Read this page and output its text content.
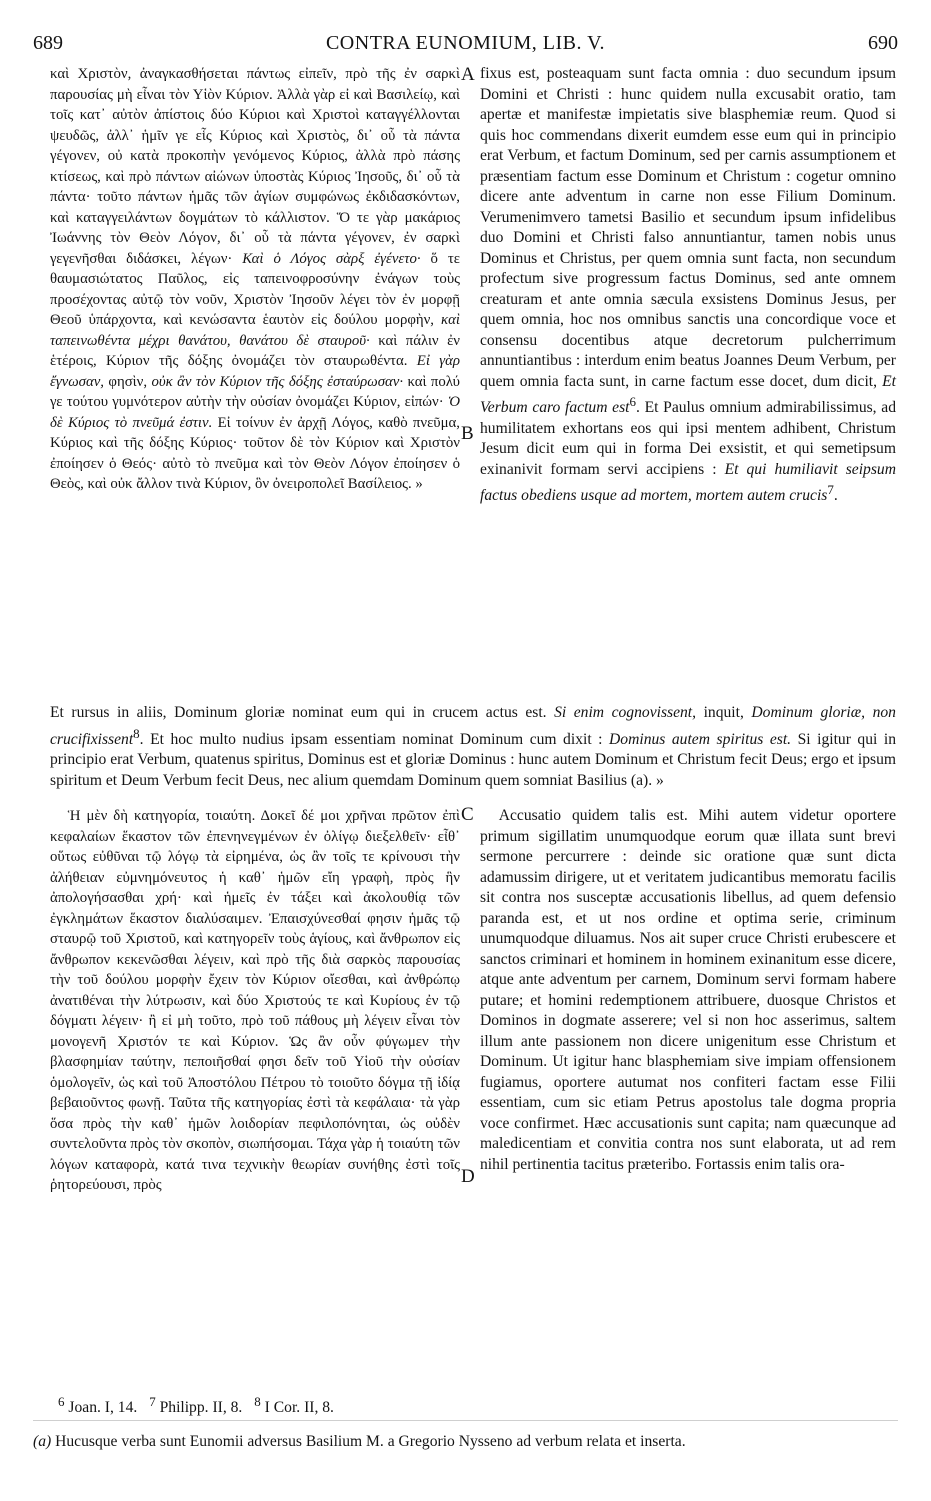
689	CONTRA EUNOMIUM, LIB. V.	690
A
B
C
D

καὶ Χριστὸν, ἀναγκασθήσεται πάντως εἰπεῖν, πρὸ τῆς ἐν σαρκὶ παρουσίας μὴ εἶναι τὸν Υἱὸν Κύριον. Ἀλλὰ γὰρ εἰ καὶ Βασιλείῳ, καὶ τοῖς κατ᾽ αὐτὸν ἀπίστοις δύο Κύριοι καὶ Χριστοὶ καταγγέλλονται ψευδῶς, ἀλλ᾽ ἡμῖν γε εἷς Κύριος καὶ Χριστὸς, δι᾽ οὗ τὰ πάντα γέγονεν, οὐ κατὰ προκοπὴν γενόμενος Κύριος, ἀλλὰ πρὸ πάσης κτίσεως, καὶ πρὸ πάντων αἰώνων ὑποστὰς Κύριος Ἰησοῦς, δι᾽ οὗ τὰ πάντα· τοῦτο πάντων ἡμᾶς τῶν ἁγίων συμφώνως ἐκδιδασκόντων, καὶ καταγγειλάντων δογμάτων τὸ κάλλιστον. Ὅ τε γὰρ μακάριος Ἰωάννης τὸν Θεὸν Λόγον, δι᾽ οὗ τὰ πάντα γέγονεν, ἐν σαρκὶ γεγενῆσθαι διδάσκει, λέγων· Καὶ ὁ Λόγος σὰρξ ἐγένετο· ὅ τε θαυμασιώτατος Παῦλος, εἰς ταπεινοφροσύνην ἐνάγων τοὺς προσέχοντας αὐτῷ τὸν νοῦν, Χριστὸν Ἰησοῦν λέγει τὸν ἐν μορφῇ Θεοῦ ὑπάρχοντα, καὶ κενώσαντα ἑαυτὸν εἰς δούλου μορφὴν, καὶ ταπεινωθέντα μέχρι θανάτου, θανάτου δὲ σταυροῦ· καὶ πάλιν ἐν ἑτέροις, Κύριον τῆς δόξης ὀνομάζει τὸν σταυρωθέντα. Εἰ γὰρ ἔγνωσαν, φησὶν, οὐκ ἂν τὸν Κύριον τῆς δόξης ἐσταύρωσαν· καὶ πολύ γε τούτου γυμνότερον αὐτὴν τὴν οὐσίαν ὀνομάζει Κύριον, εἰπών· Ὁ δὲ Κύριος τὸ πνεῦμά ἐστιν. Εἰ τοίνυν ἐν ἀρχῇ Λόγος, καθὸ πνεῦμα, Κύριος καὶ τῆς δόξης Κύριος· τοῦτον δὲ τὸν Κύριον καὶ Χριστὸν ἐποίησεν ὁ Θεός· αὐτὸ τὸ πνεῦμα καὶ τὸν Θεὸν Λόγον ἐποίησεν ὁ Θεὸς, καὶ οὐκ ἄλλον τινὰ Κύριον, ὃν ὀνειροπολεῖ Βασίλειος. »

fixus est, posteaquam sunt facta omnia : duo secundum ipsum Domini et Christi : hunc quidem nulla excusabit oratio, tam apertæ et manifestæ impietatis sive blasphemiæ reum. Quod si quis hoc commendans dixerit eumdem esse eum qui in principio erat Verbum, et factum Dominum, sed per carnis assumptionem et præsentiam factum esse Dominum et Christum : cogetur omnino dicere ante adventum in carne non esse Filium Dominum. Verumenimvero tametsi Basilio et secundum ipsum infidelibus duo Domini et Christi falso annuntiantur, tamen nobis unus Dominus et Christus, per quem omnia sunt facta, non secundum profectum sive progressum factus Dominus, sed ante omnem creaturam et ante omnia sæcula exsistens Dominus Jesus, per quem omnia, hoc nos omnibus sanctis una concordique voce et consensu docentibus atque decretorum pulcherrimum annuntiantibus : interdum enim beatus Joannes Deum Verbum, per quem omnia facta sunt, in carne factum esse docet, dum dicit, Et Verbum caro factum est$^6$. Et Paulus omnium admirabilissimus, ad humilitatem exhortans eos qui ipsi mentem adhibent, Christum Jesum dicit eum qui in forma Dei exsistit, et qui semetipsum exinanivit formam servi accipiens : Et qui humiliavit seipsum factus obediens usque ad mortem, mortem autem crucis$^7$.

Et rursus in aliis, Dominum gloriæ nominat eum qui in crucem actus est. Si enim cognovissent, inquit, Dominum gloriæ, non crucifixissent$^8$. Et hoc multo nudius ipsam essentiam nominat Dominum cum dixit : Dominus autem spiritus est. Si igitur qui in principio erat Verbum, quatenus spiritus, Dominus est et gloriæ Dominus : hunc autem Dominum et Christum fecit Deus; ergo et ipsum spiritum et Deum Verbum fecit Deus, nec alium quemdam Dominum quem somniat Basilius (a). »

Ἡ μὲν δὴ κατηγορία, τοιαύτη. Δοκεῖ δέ μοι χρῆναι πρῶτον ἐπὶ κεφαλαίων ἕκαστον τῶν ἐπενηνεγμένων ἐν ὀλίγῳ διεξελθεῖν· εἶθ᾽ οὕτως εὐθῦναι τῷ λόγῳ τὰ εἰρημένα, ὡς ἂν τοῖς τε κρίνουσι τὴν ἀλήθειαν εὐμνημόνευτος ἡ καθ᾽ ἡμῶν εἴη γραφὴ, πρὸς ἣν ἀπολογήσασθαι χρή· καὶ ἡμεῖς ἐν τάξει καὶ ἀκολουθίᾳ τῶν ἐγκλημάτων ἕκαστον διαλύσαιμεν. Ἐπαισχύνεσθαί φησιν ἡμᾶς τῷ σταυρῷ τοῦ Χριστοῦ, καὶ κατηγορεῖν τοὺς ἁγίους, καὶ ἄνθρωπον εἰς ἄνθρωπον κεκενῶσθαι λέγειν, καὶ πρὸ τῆς διὰ σαρκὸς παρουσίας τὴν τοῦ δούλου μορφὴν ἔχειν τὸν Κύριον οἴεσθαι, καὶ ἀνθρώπῳ ἀνατιθέναι τὴν λύτρωσιν, καὶ δύο Χριστούς τε καὶ Κυρίους ἐν τῷ δόγματι λέγειν· ἢ εἰ μὴ τοῦτο, πρὸ τοῦ πάθους μὴ λέγειν εἶναι τὸν μονογενῆ Χριστόν τε καὶ Κύριον. Ὡς ἂν οὖν φύγωμεν τὴν βλασφημίαν ταύτην, πεποιῆσθαί φησι δεῖν τοῦ Υἱοῦ τὴν οὐσίαν ὁμολογεῖν, ὡς καὶ τοῦ Ἀποστόλου Πέτρου τὸ τοιοῦτο δόγμα τῇ ἰδίᾳ βεβαιοῦντος φωνῇ. Ταῦτα τῆς κατηγορίας ἐστὶ τὰ κεφάλαια· τὰ γὰρ ὅσα πρὸς τὴν καθ᾽ ἡμῶν λοιδορίαν πεφιλοπόνηται, ὡς οὐδὲν συντελοῦντα πρὸς τὸν σκοπὸν, σιωπήσομαι. Τάχα γὰρ ἡ τοιαύτη τῶν λόγων καταφορὰ, κατά τινα τεχνικὴν θεωρίαν συνήθης ἐστὶ τοῖς ῥητορεύουσι, πρὸς

Accusatio quidem talis est. Mihi autem videtur oportere primum sigillatim unumquodque eorum quæ illata sunt brevi sermone percurrere : deinde sic oratione quæ sunt dicta adamussim dirigere, ut et veritatem judicantibus memoratu facilis sit contra nos susceptæ accusationis libellus, ad quem defensio paranda est, et ut nos ordine et optima serie, criminum unumquodque diluamus. Nos ait super cruce Christi erubescere et sanctos criminari et hominem in hominem exinanitum esse dicere, atque ante adventum per carnem, Dominum servi formam habere putare; et homini redemptionem attribuere, duosque Christos et Dominos in dogmate asserere; vel si non hoc asserimus, saltem illum ante passionem non dicere unigenitum esse Christum et Dominum. Ut igitur hanc blasphemiam sive impiam offensionem fugiamus, oportere autumat nos confiteri factam esse Filii essentiam, cum sic etiam Petrus apostolus tale dogma propria voce confirmet. Hæc accusationis sunt capita; nam quæcunque ad maledicentiam et convitia contra nos sunt elaborata, ut ad rem nihil pertinentia tacitus præteribo. Fortassis enim talis ora-

$^6$ Joan. I, 14. $^7$ Philipp. II, 8. $^8$ I Cor. II, 8.
(a) Hucusque verba sunt Eunomii adversus Basilium M. a Gregorio Nysseno ad verbum relata et inserta.
